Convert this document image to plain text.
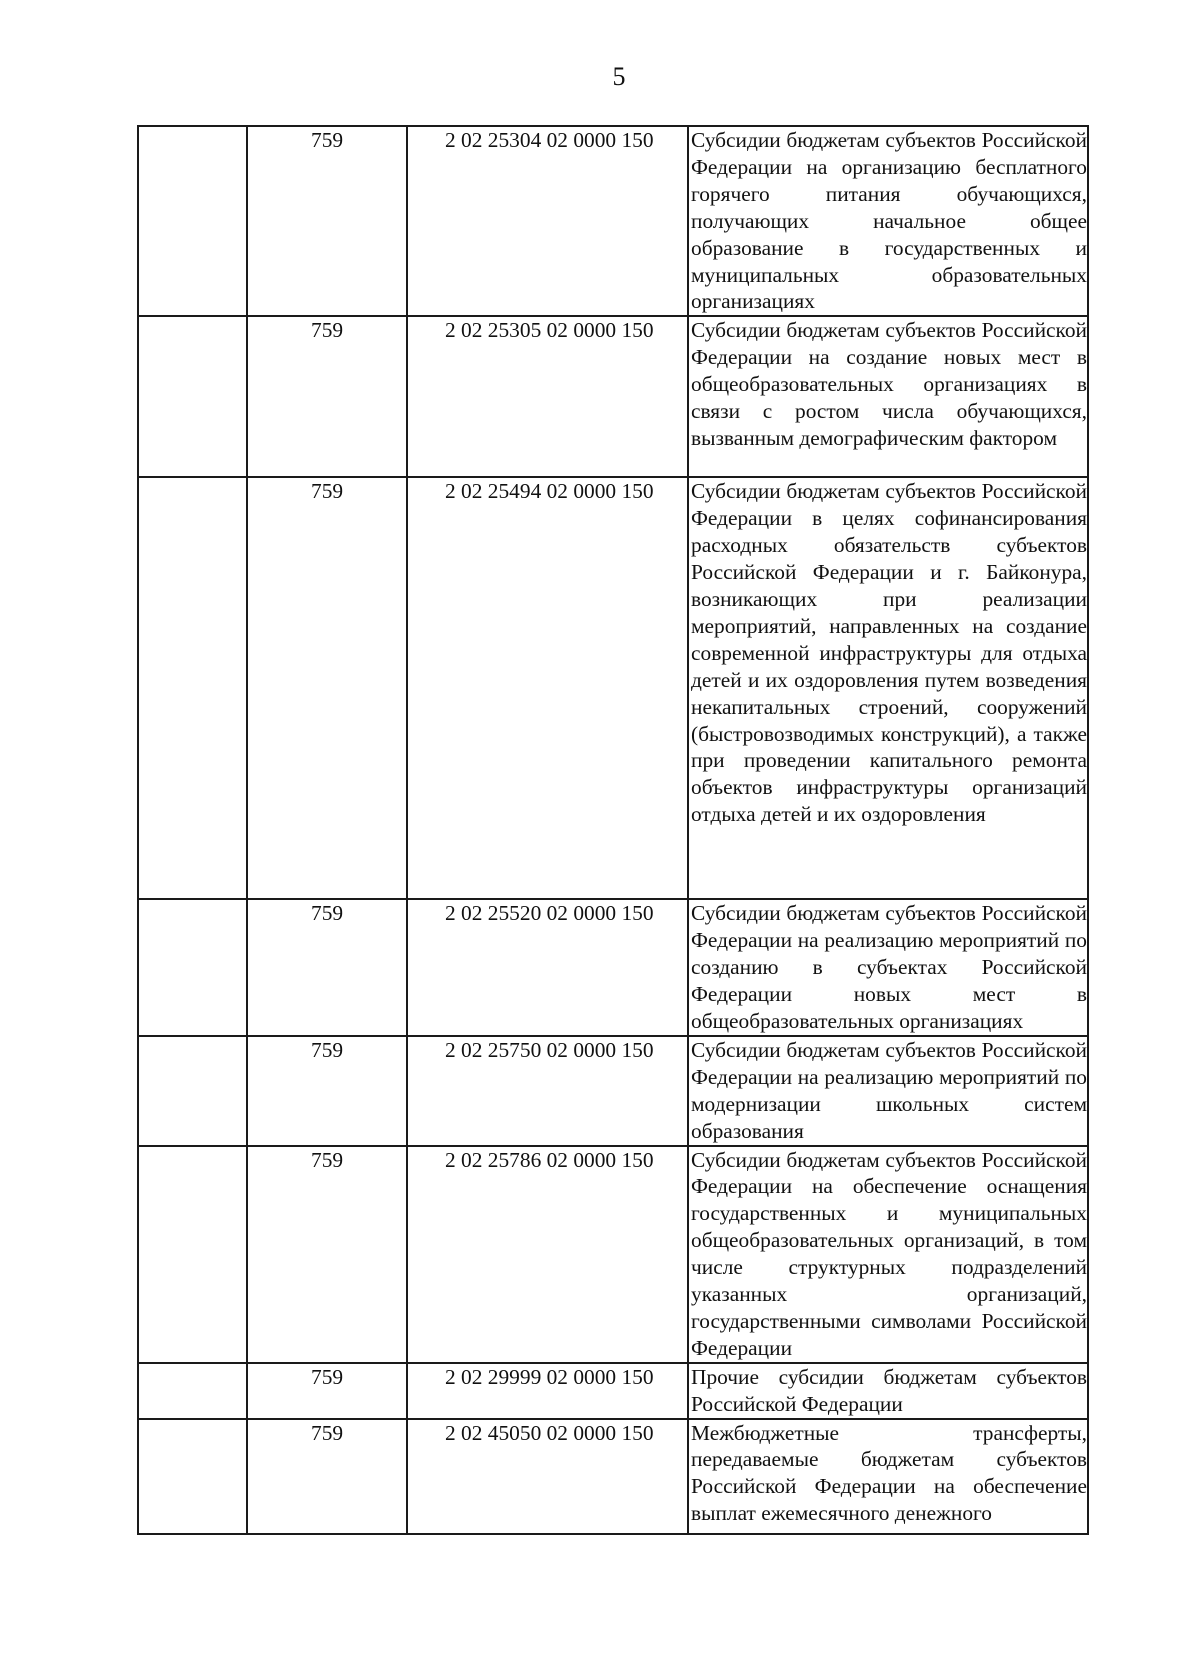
5
	759	2 02 25304 02 0000 150	Субсидии бюджетам субъектов Российской Федерации на организацию бесплатного горячего питания обучающихся, получающих начальное общее образование в государственных и муниципальных образовательных организациях

	759	2 02 25305 02 0000 150	Субсидии бюджетам субъектов Российской Федерации на создание новых мест в общеобразовательных организациях в связи с ростом числа обучающихся, вызванным демографическим фактором

	759	2 02 25494 02 0000 150	Субсидии бюджетам субъектов Российской Федерации в целях софинансирования расходных обязательств субъектов Российской Федерации и г. Байконура, возникающих при реализации мероприятий, направленных на создание современной инфраструктуры для отдыха детей и их оздоровления путем возведения некапитальных строений, сооружений (быстровозводимых конструкций), а также при проведении капитального ремонта объектов инфраструктуры организаций отдыха детей и их оздоровления

	759	2 02 25520 02 0000 150	Субсидии бюджетам субъектов Российской Федерации на реализацию мероприятий по созданию в субъектах Российской Федерации новых мест в общеобразовательных организациях

	759	2 02 25750 02 0000 150	Субсидии бюджетам субъектов Российской Федерации на реализацию мероприятий по модернизации школьных систем образования

	759	2 02 25786 02 0000 150	Субсидии бюджетам субъектов Российской Федерации на обеспечение оснащения государственных и муниципальных общеобразовательных организаций, в том числе структурных подразделений указанных организаций, государственными символами Российской Федерации

	759	2 02 29999 02 0000 150	Прочие субсидии бюджетам субъектов Российской Федерации

	759	2 02 45050 02 0000 150	Межбюджетные трансферты, передаваемые бюджетам субъектов Российской Федерации на обеспечение выплат ежемесячного денежного
